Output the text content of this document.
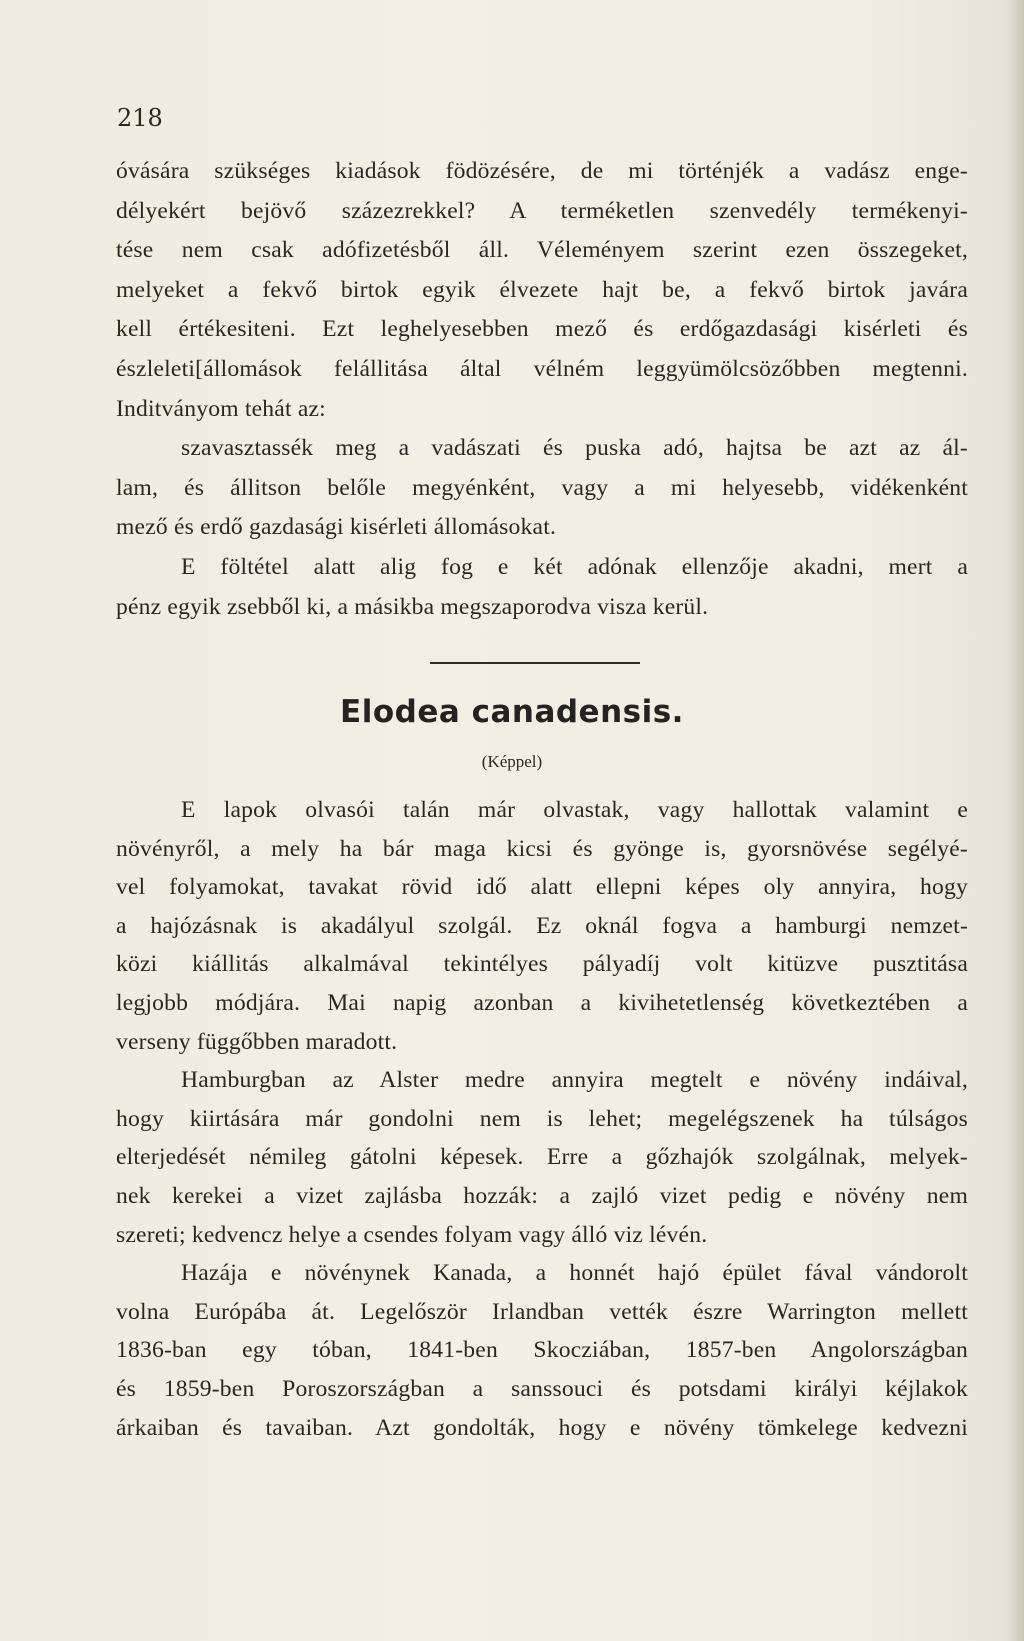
218
óvására szükséges kiadások födözésére, de mi történjék a vadász enge-
délyekért bejövő százezrekkel? A terméketlen szenvedély termékenyi-
tése nem csak adófizetésből áll. Véleményem szerint ezen összegeket,
melyeket a fekvő birtok egyik élvezete hajt be, a fekvő birtok javára
kell értékesiteni. Ezt leghelyesebben mező és erdőgazdasági kisérleti és
észleleti[állomások felállitása által vélném leggyümölcsözőbben megtenni.
Inditványom tehát az:
szavasztassék meg a vadászati és puska adó, hajtsa be azt az ál-
lam, és állitson belőle megyénként, vagy a mi helyesebb, vidékenként
mező és erdő gazdasági kisérleti állomásokat.
E föltétel alatt alig fog e két adónak ellenzője akadni, mert a
pénz egyik zsebből ki, a másikba megszaporodva visza kerül.
Elodea canadensis.
(Képpel)
E lapok olvasói talán már olvastak, vagy hallottak valamint e
növényről, a mely ha bár maga kicsi és gyönge is, gyorsnövése segélyé-
vel folyamokat, tavakat rövid idő alatt ellepni képes oly annyira, hogy
a hajózásnak is akadályul szolgál. Ez oknál fogva a hamburgi nemzet-
közi kiállitás alkalmával tekintélyes pályadíj volt kitüzve pusztitása
legjobb módjára. Mai napig azonban a kivihetetlenség következtében a
verseny függőbben maradott.
Hamburgban az Alster medre annyira megtelt e növény indáival,
hogy kiirtására már gondolni nem is lehet; megelégszenek ha túlságos
elterjedését némileg gátolni képesek. Erre a gőzhajók szolgálnak, melyek-
nek kerekei a vizet zajlásba hozzák: a zajló vizet pedig e növény nem
szereti; kedvencz helye a csendes folyam vagy álló viz lévén.
Hazája e növénynek Kanada, a honnét hajó épület fával vándorolt
volna Európába át. Legelőször Irlandban vették észre Warrington mellett
1836-ban egy tóban, 1841-ben Skocziában, 1857-ben Angolországban
és 1859-ben Poroszországban a sanssouci és potsdami királyi kéjlakok
árkaiban és tavaiban. Azt gondolták, hogy e növény tömkelege kedvezni
